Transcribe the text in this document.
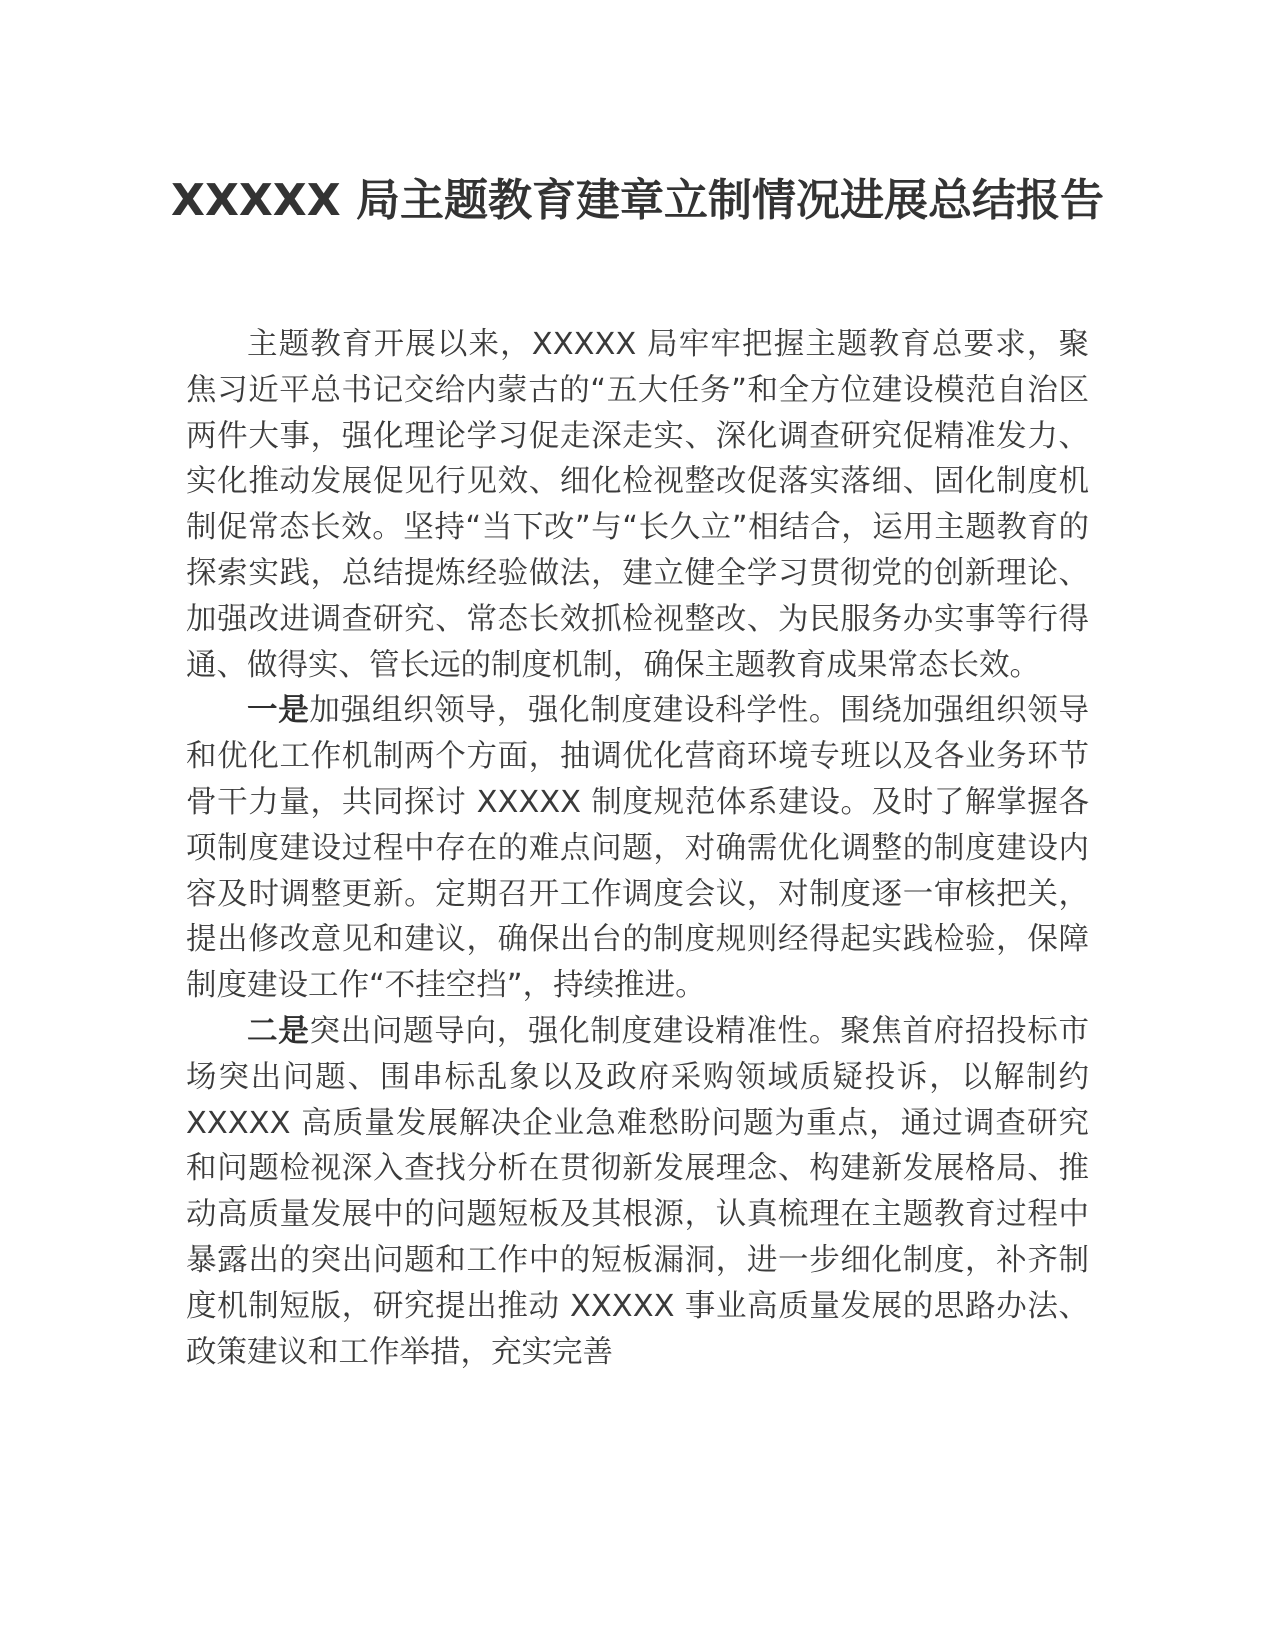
XXXXX 局主题教育建章立制情况进展总结报告

主题教育开展以来，XXXXX 局牢牢把握主题教育总要求，聚焦习近平总书记交给内蒙古的“五大任务”和全方位建设模范自治区两件大事，强化理论学习促走深走实、深化调查研究促精准发力、实化推动发展促见行见效、细化检视整改促落实落细、固化制度机制促常态长效。坚持“当下改”与“长久立”相结合，运用主题教育的探索实践，总结提炼经验做法，建立健全学习贯彻党的创新理论、加强改进调查研究、常态长效抓检视整改、为民服务办实事等行得通、做得实、管长远的制度机制，确保主题教育成果常态长效。

一是加强组织领导，强化制度建设科学性。围绕加强组织领导和优化工作机制两个方面，抽调优化营商环境专班以及各业务环节骨干力量，共同探讨 XXXXX 制度规范体系建设。及时了解掌握各项制度建设过程中存在的难点问题，对确需优化调整的制度建设内容及时调整更新。定期召开工作调度会议，对制度逐一审核把关，提出修改意见和建议，确保出台的制度规则经得起实践检验，保障制度建设工作“不挂空挡”，持续推进。

二是突出问题导向，强化制度建设精准性。聚焦首府招投标市场突出问题、围串标乱象以及政府采购领域质疑投诉，以解制约 XXXXX 高质量发展解决企业急难愁盼问题为重点，通过调查研究和问题检视深入查找分析在贯彻新发展理念、构建新发展格局、推动高质量发展中的问题短板及其根源，认真梳理在主题教育过程中暴露出的突出问题和工作中的短板漏洞，进一步细化制度，补齐制度机制短版，研究提出推动 XXXXX 事业高质量发展的思路办法、政策建议和工作举措，充实完善
